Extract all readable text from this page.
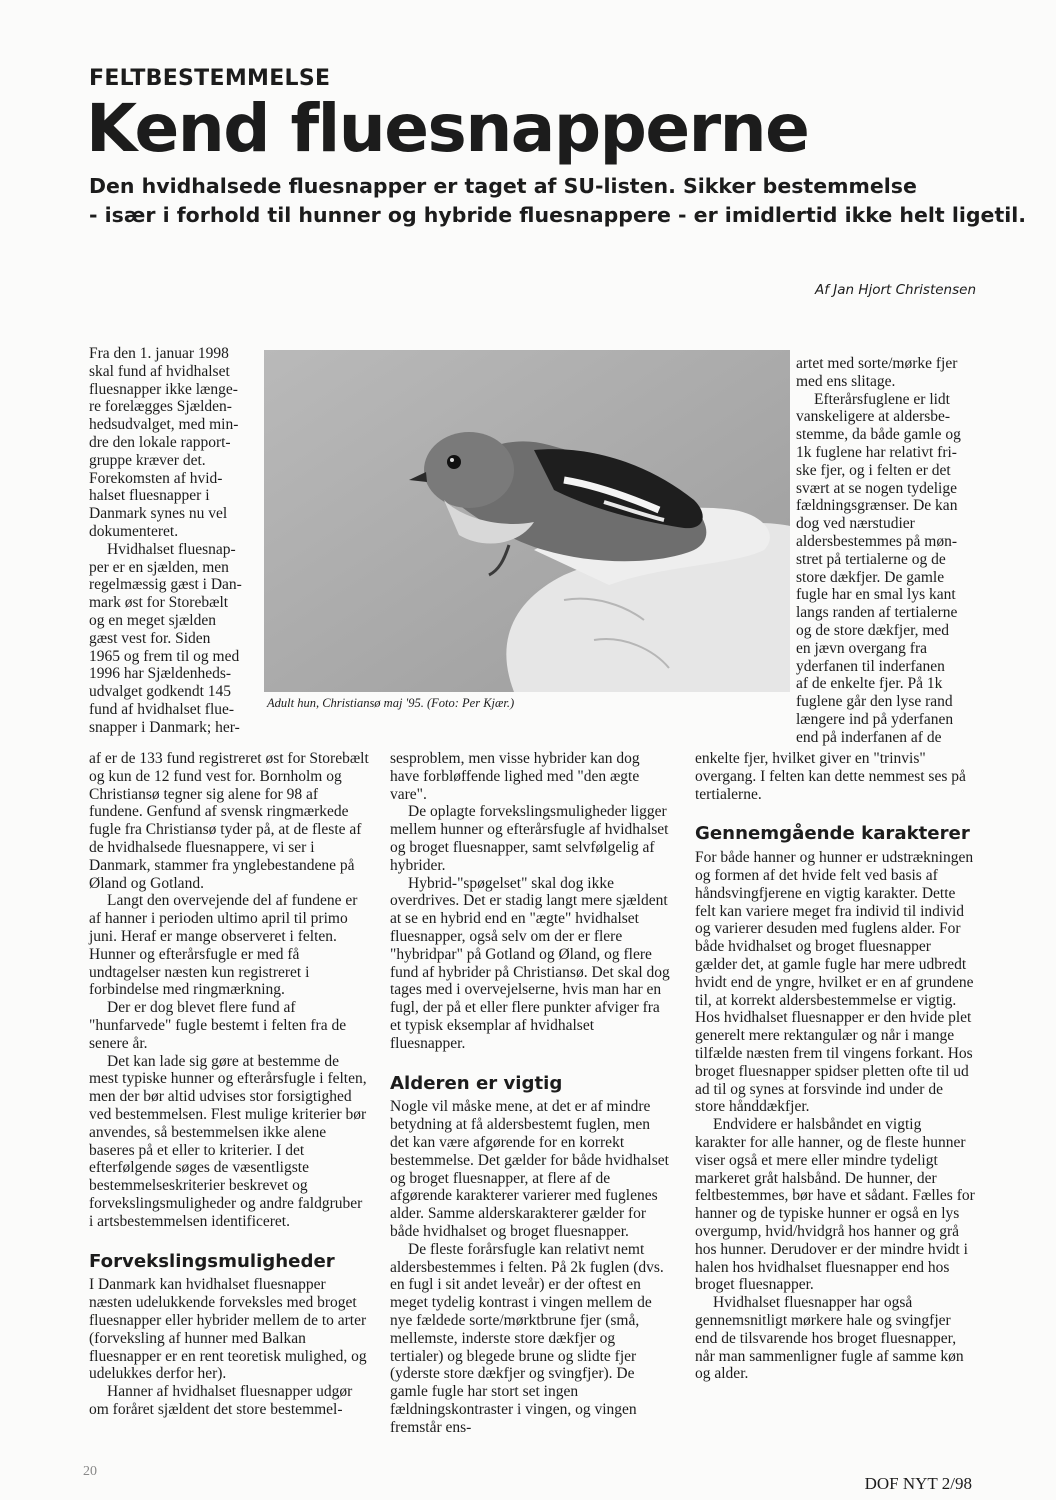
FELTBESTEMMELSE
Kend fluesnapperne
Den hvidhalsede fluesnapper er taget af SU-listen. Sikker bestemmelse
- især i forhold til hunner og hybride fluesnappere - er imidlertid ikke helt ligetil.
Af Jan Hjort Christensen
Fra den 1. januar 1998
skal fund af hvidhalset
fluesnapper ikke længe-
re forelægges Sjælden-
hedsudvalget, med min-
dre den lokale rapport-
gruppe kræver det.
Forekomsten af hvid-
halset fluesnapper i
Danmark synes nu vel
dokumenteret.
Hvidhalset fluesnap-
per er en sjælden, men
regelmæssig gæst i Dan-
mark øst for Storebælt
og en meget sjælden
gæst vest for. Siden
1965 og frem til og med
1996 har Sjældenheds-
udvalget godkendt 145
fund af hvidhalset flue-
snapper i Danmark; her-
Adult hun, Christiansø maj '95. (Foto: Per Kjær.)
artet med sorte/mørke fjer
med ens slitage.
Efterårsfuglene er lidt
vanskeligere at aldersbe-
stemme, da både gamle og
1k fuglene har relativt fri-
ske fjer, og i felten er det
svært at se nogen tydelige
fældningsgrænser. De kan
dog ved nærstudier
aldersbestemmes på møn-
stret på tertialerne og de
store dækfjer. De gamle
fugle har en smal lys kant
langs randen af tertialerne
og de store dækfjer, med
en jævn overgang fra
yderfanen til inderfanen
af de enkelte fjer. På 1k
fuglene går den lyse rand
længere ind på yderfanen
end på inderfanen af de

af er de 133 fund registreret øst for Storebælt og kun de 12 fund vest for. Bornholm og Christiansø tegner sig alene for 98 af fundene. Genfund af svensk ringmærkede fugle fra Christiansø tyder på, at de fleste af de hvidhalsede fluesnappere, vi ser i Danmark, stammer fra ynglebestandene på Øland og Gotland.

Langt den overvejende del af fundene er af hanner i perioden ultimo april til primo juni. Heraf er mange observeret i felten. Hunner og efterårsfugle er med få undtagelser næsten kun registreret i forbindelse med ringmærkning.

Der er dog blevet flere fund af "hunfarvede" fugle bestemt i felten fra de senere år.

Det kan lade sig gøre at bestemme de mest typiske hunner og efterårsfugle i felten, men der bør altid udvises stor forsigtighed ved bestemmelsen. Flest mulige kriterier bør anvendes, så bestemmelsen ikke alene baseres på et eller to kriterier. I det efterfølgende søges de væsentligste bestemmelseskriterier beskrevet og forvekslingsmuligheder og andre faldgruber i artsbestemmelsen identificeret.

Forvekslingsmuligheder

I Danmark kan hvidhalset fluesnapper næsten udelukkende forveksles med broget fluesnapper eller hybrider mellem de to arter (forveksling af hunner med Balkan fluesnapper er en rent teoretisk mulighed, og udelukkes derfor her).

Hanner af hvidhalset fluesnapper udgør om foråret sjældent det store bestemmel-

sesproblem, men visse hybrider kan dog have forbløffende lighed med "den ægte vare".

De oplagte forvekslingsmuligheder ligger mellem hunner og efterårsfugle af hvidhalset og broget fluesnapper, samt selvfølgelig af hybrider.

Hybrid-"spøgelset" skal dog ikke overdrives. Det er stadig langt mere sjældent at se en hybrid end en "ægte" hvidhalset fluesnapper, også selv om der er flere "hybridpar" på Gotland og Øland, og flere fund af hybrider på Christiansø. Det skal dog tages med i overvejelserne, hvis man har en fugl, der på et eller flere punkter afviger fra et typisk eksemplar af hvidhalset fluesnapper.

Alderen er vigtig

Nogle vil måske mene, at det er af mindre betydning at få aldersbestemt fuglen, men det kan være afgørende for en korrekt bestemmelse. Det gælder for både hvidhalset og broget fluesnapper, at flere af de afgørende karakterer varierer med fuglenes alder. Samme alderskarakterer gælder for både hvidhalset og broget fluesnapper.

De fleste forårsfugle kan relativt nemt aldersbestemmes i felten. På 2k fuglen (dvs. en fugl i sit andet leveår) er der oftest en meget tydelig kontrast i vingen mellem de nye fældede sorte/mørktbrune fjer (små, mellemste, inderste store dækfjer og tertialer) og blegede brune og slidte fjer (yderste store dækfjer og svingfjer). De gamle fugle har stort set ingen fældningskontraster i vingen, og vingen fremstår ens-

enkelte fjer, hvilket giver en "trinvis" overgang. I felten kan dette nemmest ses på tertialerne.

Gennemgående karakterer

For både hanner og hunner er udstrækningen og formen af det hvide felt ved basis af håndsvingfjerene en vigtig karakter. Dette felt kan variere meget fra individ til individ og varierer desuden med fuglens alder. For både hvidhalset og broget fluesnapper gælder det, at gamle fugle har mere udbredt hvidt end de yngre, hvilket er en af grundene til, at korrekt aldersbestemmelse er vigtig. Hos hvidhalset fluesnapper er den hvide plet generelt mere rektangulær og når i mange tilfælde næsten frem til vingens forkant. Hos broget fluesnapper spidser pletten ofte til ud ad til og synes at forsvinde ind under de store hånddækfjer.

Endvidere er halsbåndet en vigtig karakter for alle hanner, og de fleste hunner viser også et mere eller mindre tydeligt markeret gråt halsbånd. De hunner, der feltbestemmes, bør have et sådant. Fælles for hanner og de typiske hunner er også en lys overgump, hvid/hvidgrå hos hanner og grå hos hunner. Derudover er der mindre hvidt i halen hos hvidhalset fluesnapper end hos broget fluesnapper.

Hvidhalset fluesnapper har også gennemsnitligt mørkere hale og svingfjer end de tilsvarende hos broget fluesnapper, når man sammenligner fugle af samme køn og alder.

20
DOF NYT 2/98
